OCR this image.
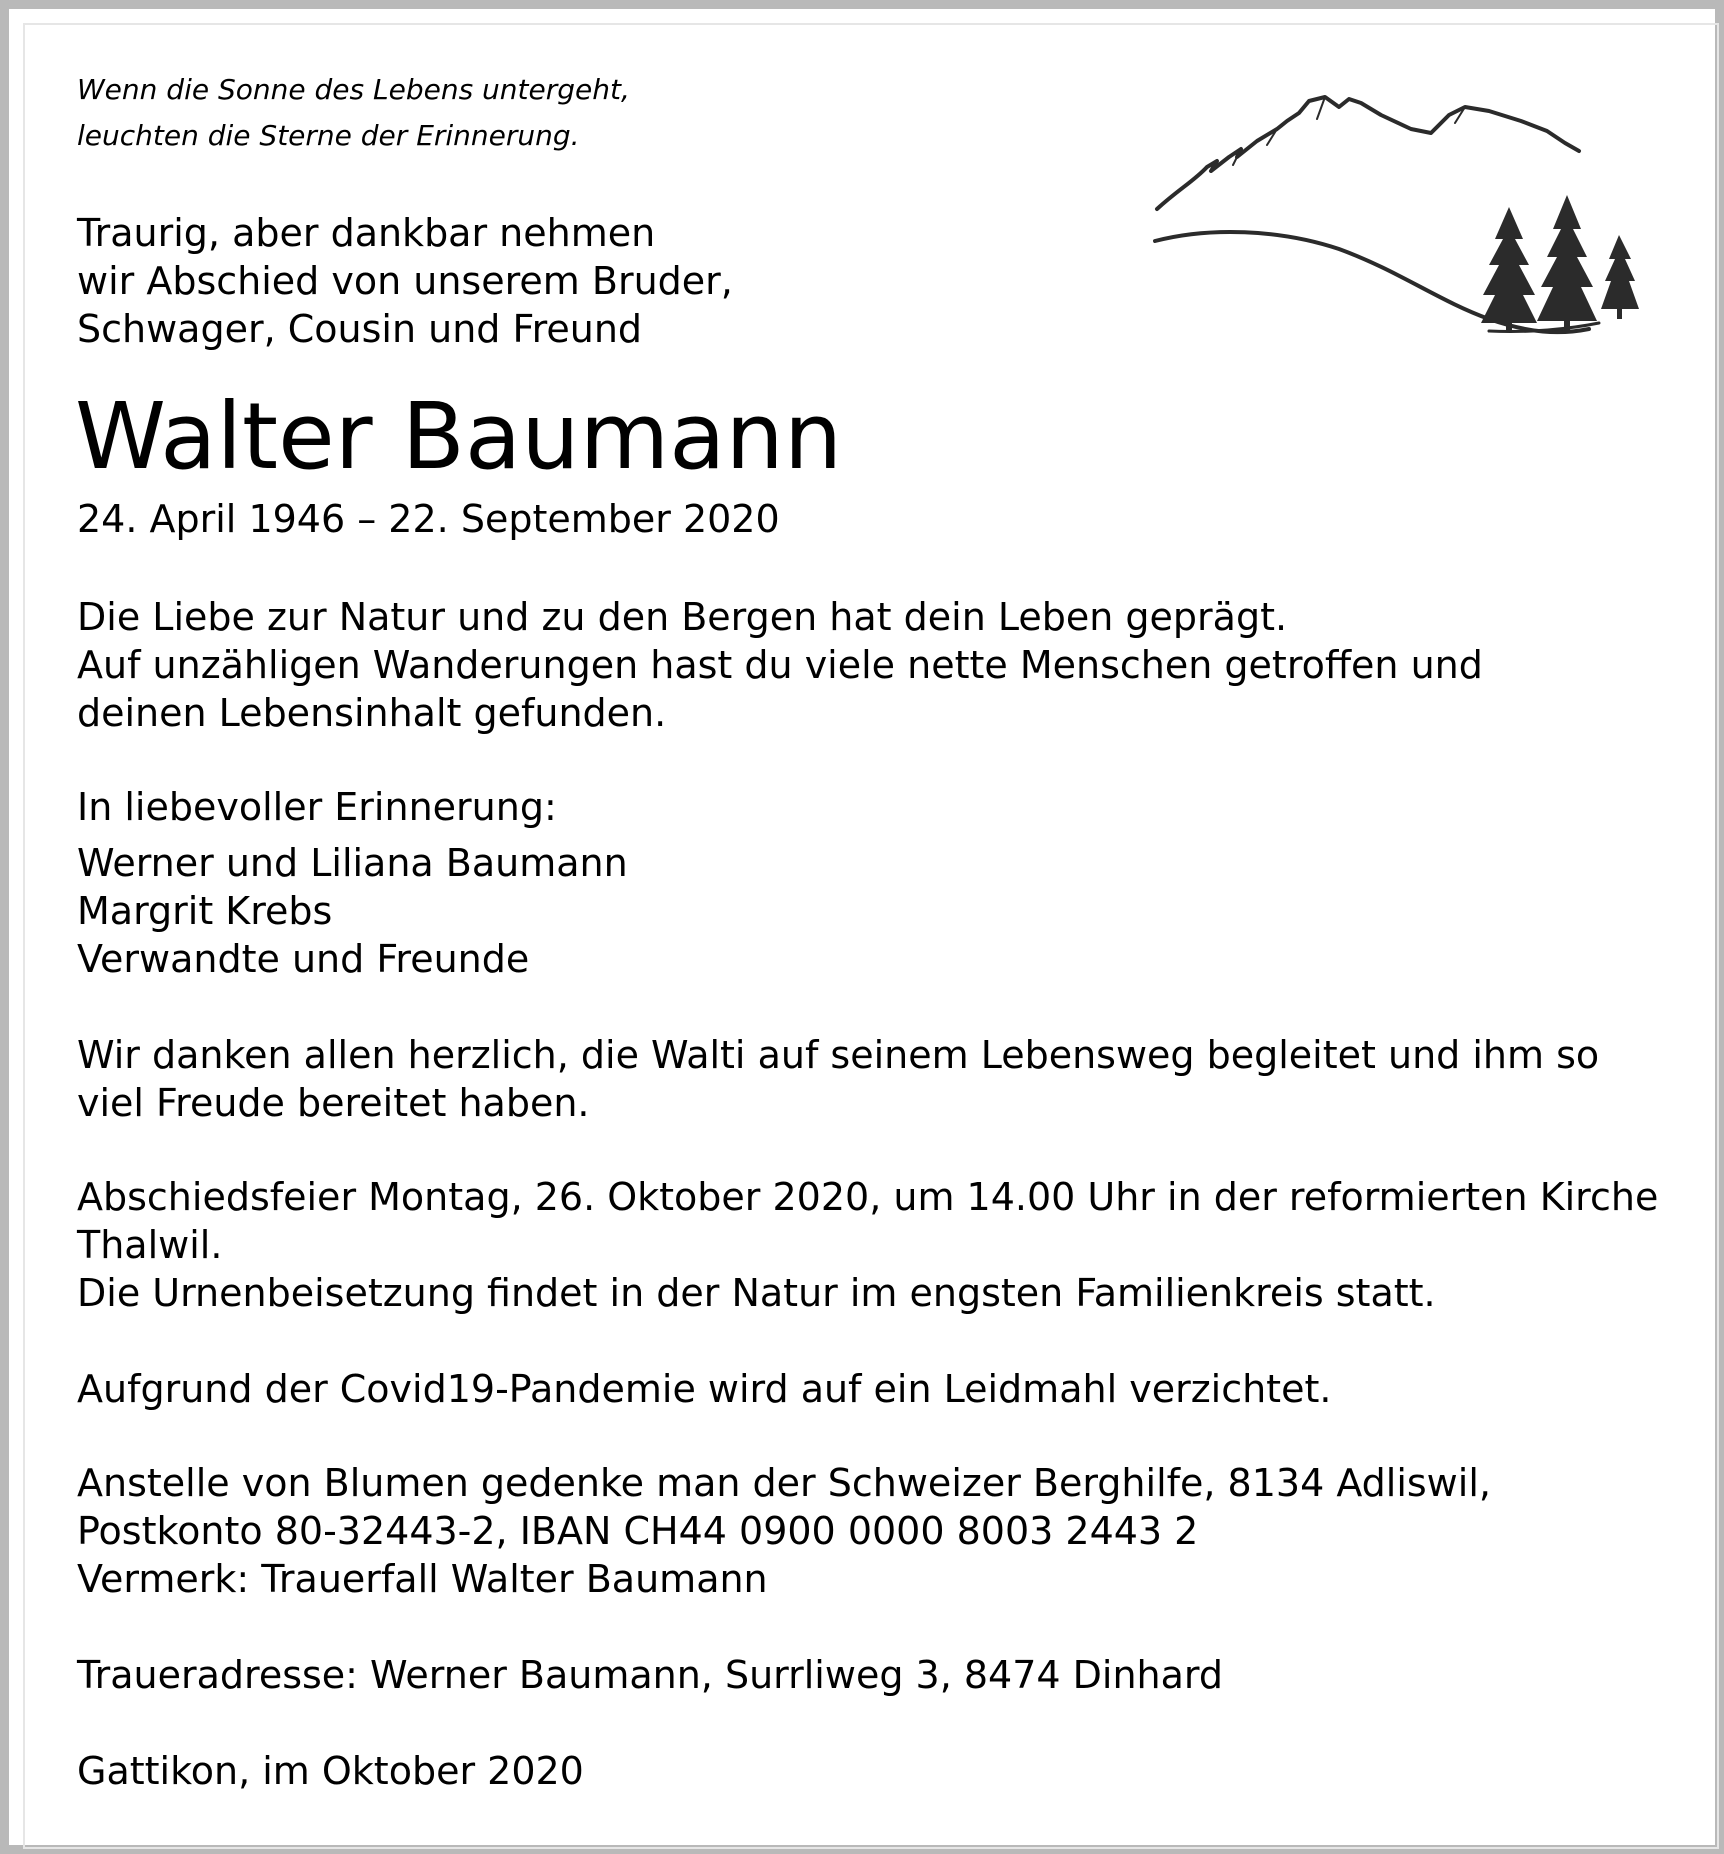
Wenn die Sonne des Lebens untergeht,
leuchten die Sterne der Erinnerung.

Traurig, aber dankbar nehmen
wir Abschied von unserem Bruder,
Schwager, Cousin und Freund

Walter Baumann
24. April 1946 – 22. September 2020

Die Liebe zur Natur und zu den Bergen hat dein Leben geprägt.
Auf unzähligen Wanderungen hast du viele nette Menschen getroffen und
deinen Lebensinhalt gefunden.

In liebevoller Erinnerung:

Werner und Liliana Baumann
Margrit Krebs
Verwandte und Freunde

Wir danken allen herzlich, die Walti auf seinem Lebensweg begleitet und ihm so
viel Freude bereitet haben.

Abschiedsfeier Montag, 26. Oktober 2020, um 14.00 Uhr in der reformierten Kirche
Thalwil.
Die Urnenbeisetzung findet in der Natur im engsten Familienkreis statt.

Aufgrund der Covid19-Pandemie wird auf ein Leidmahl verzichtet.

Anstelle von Blumen gedenke man der Schweizer Berghilfe, 8134 Adliswil,
Postkonto 80-32443-2, IBAN CH44 0900 0000 8003 2443 2
Vermerk: Trauerfall Walter Baumann

Traueradresse: Werner Baumann, Surrliweg 3, 8474 Dinhard
Gattikon, im Oktober 2020
